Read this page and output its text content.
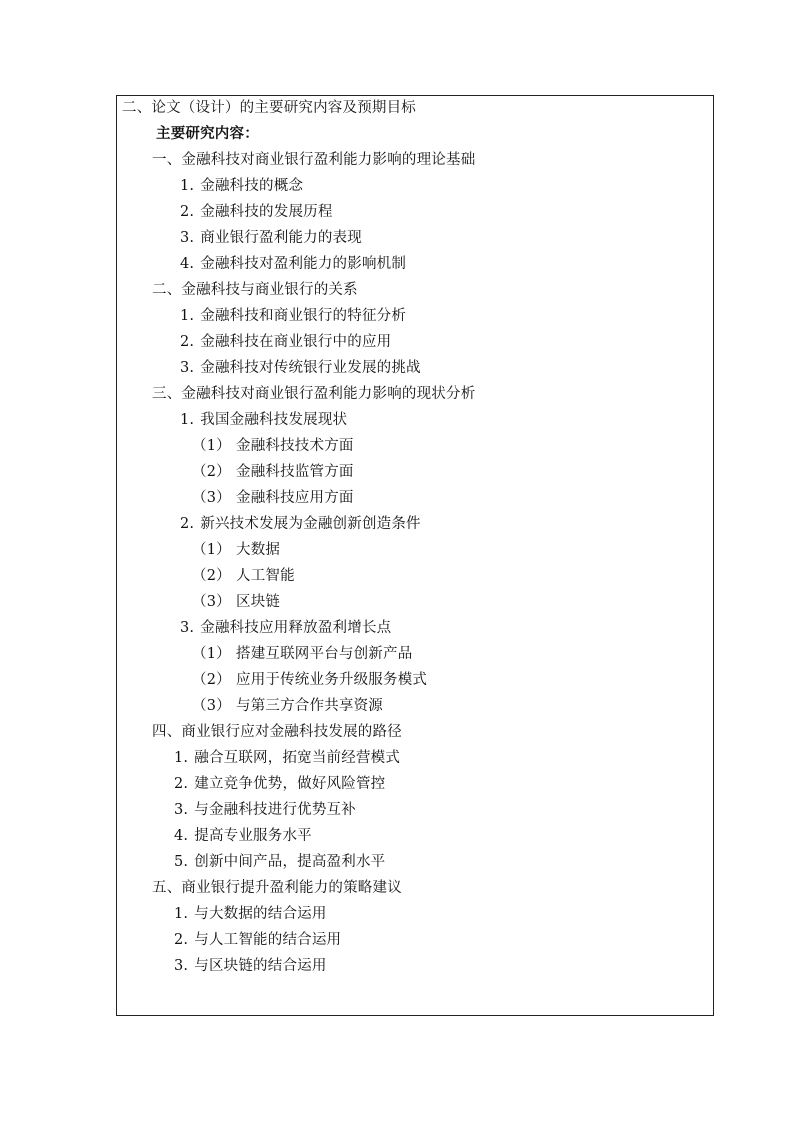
二、论文（设计）的主要研究内容及预期目标
主要研究内容：
一、金融科技对商业银行盈利能力影响的理论基础
1. 金融科技的概念
2. 金融科技的发展历程
3. 商业银行盈利能力的表现
4. 金融科技对盈利能力的影响机制
二、金融科技与商业银行的关系
1. 金融科技和商业银行的特征分析
2. 金融科技在商业银行中的应用
3. 金融科技对传统银行业发展的挑战
三、金融科技对商业银行盈利能力影响的现状分析
1. 我国金融科技发展现状
（1） 金融科技技术方面
（2） 金融科技监管方面
（3） 金融科技应用方面
2. 新兴技术发展为金融创新创造条件
（1） 大数据
（2） 人工智能
（3） 区块链
3. 金融科技应用释放盈利增长点
（1） 搭建互联网平台与创新产品
（2） 应用于传统业务升级服务模式
（3） 与第三方合作共享资源
四、商业银行应对金融科技发展的路径
1. 融合互联网，拓宽当前经营模式
2. 建立竞争优势，做好风险管控
3. 与金融科技进行优势互补
4. 提高专业服务水平
5. 创新中间产品，提高盈利水平
五、商业银行提升盈利能力的策略建议
1. 与大数据的结合运用
2. 与人工智能的结合运用
3. 与区块链的结合运用
